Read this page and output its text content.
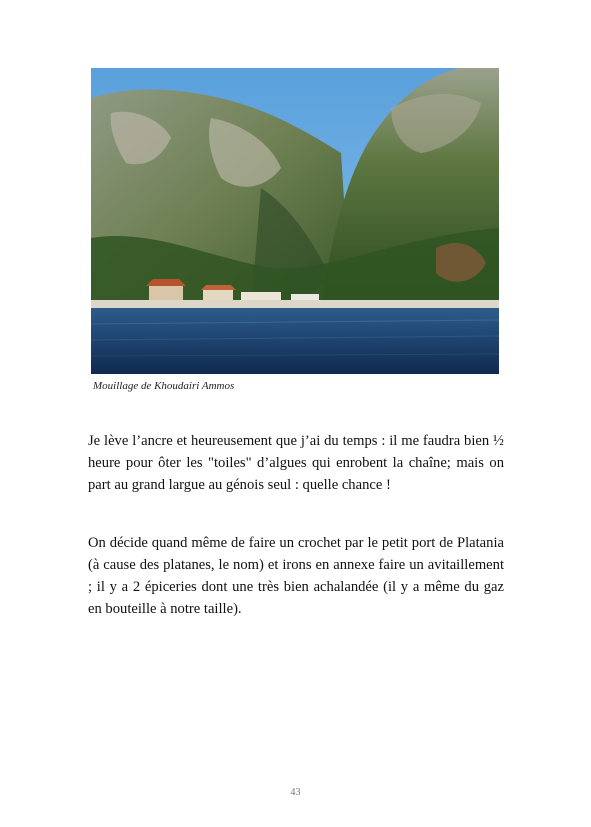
Mouillage de Khoudairi Ammos

Je lève l’ancre et heureusement que j’ai du temps : il me faudra bien ½ heure pour ôter les "toiles" d’algues qui enrobent la chaîne; mais on part au grand largue au génois seul : quelle chance !

On décide quand même de faire un crochet par le petit port de Platania (à cause des platanes, le nom) et irons en annexe faire un avitaillement ; il y a 2 épiceries dont une très bien achalandée (il y a même du gaz en bouteille à notre taille).

43
